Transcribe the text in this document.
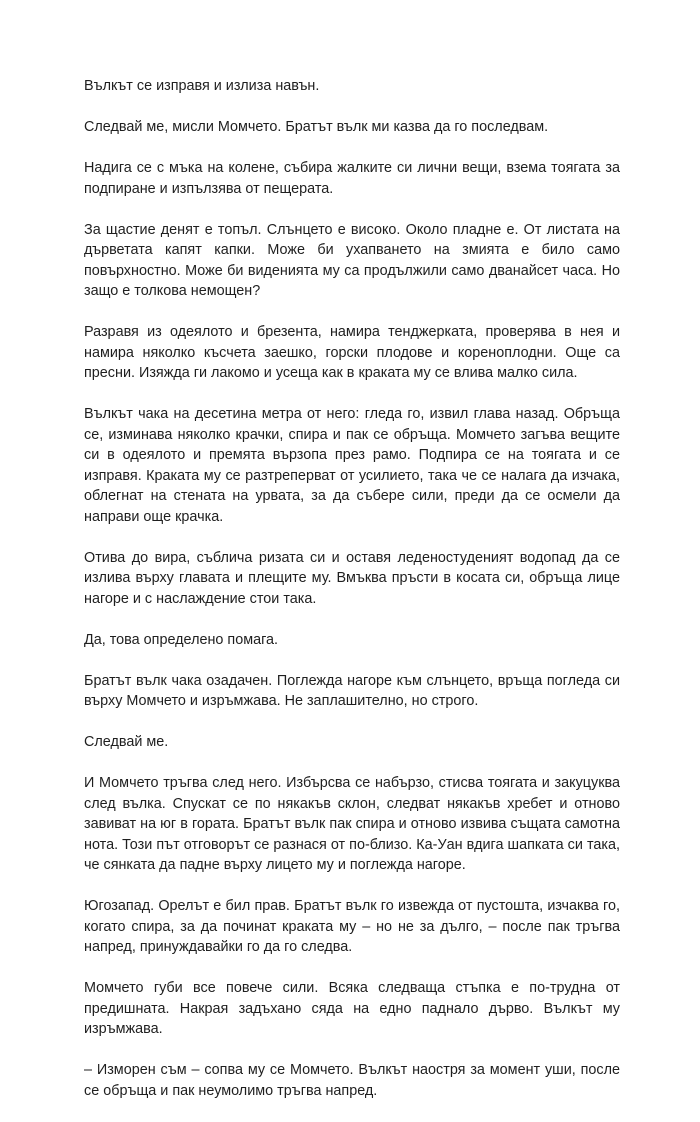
Вълкът се изправя и излиза навън.

Следвай ме, мисли Момчето. Братът вълк ми казва да го последвам.

Надига се с мъка на колене, събира жалките си лични вещи, взема тоягата за подпиране и изпълзява от пещерата.

За щастие денят е топъл. Слънцето е високо. Около пладне е. От листата на дърветата капят капки. Може би ухапването на змията е било само повърхностно. Може би виденията му са продължили само дванайсет часа. Но защо е толкова немощен?

Разравя из одеялото и брезента, намира тенджерката, проверява в нея и намира няколко късчета заешко, горски плодове и кореноплодни. Още са пресни. Изяжда ги лакомо и усеща как в краката му се влива малко сила.

Вълкът чака на десетина метра от него: гледа го, извил глава назад. Обръща се, изминава няколко крачки, спира и пак се обръща. Момчето загъва вещите си в одеялото и премята вързопа през рамо. Подпира се на тоягата и се изправя. Краката му се разтреперват от усилието, така че се налага да изчака, облегнат на стената на урвата, за да събере сили, преди да се осмели да направи още крачка.

Отива до вира, съблича ризата си и оставя леденостуденият водопад да се излива върху главата и плещите му. Вмъква пръсти в косата си, обръща лице нагоре и с наслаждение стои така.

Да, това определено помага.

Братът вълк чака озадачен. Поглежда нагоре към слънцето, връща погледа си върху Момчето и изръмжава. Не заплашително, но строго.

Следвай ме.

И Момчето тръгва след него. Избърсва се набързо, стисва тоягата и закуцуква след вълка. Спускат се по някакъв склон, следват някакъв хребет и отново завиват на юг в гората. Братът вълк пак спира и отново извива същата самотна нота. Този път отговорът се разнася от по-близо. Ка-Уан вдига шапката си така, че сянката да падне върху лицето му и поглежда нагоре.

Югозапад. Орелът е бил прав. Братът вълк го извежда от пустошта, изчаква го, когато спира, за да починат краката му – но не за дълго, – после пак тръгва напред, принуждавайки го да го следва.

Момчето губи все повече сили. Всяка следваща стъпка е по-трудна от предишната. Накрая задъхано сяда на едно паднало дърво. Вълкът му изръмжава.

– Изморен съм – сопва му се Момчето. Вълкът наостря за момент уши, после се обръща и пак неумолимо тръгва напред.
